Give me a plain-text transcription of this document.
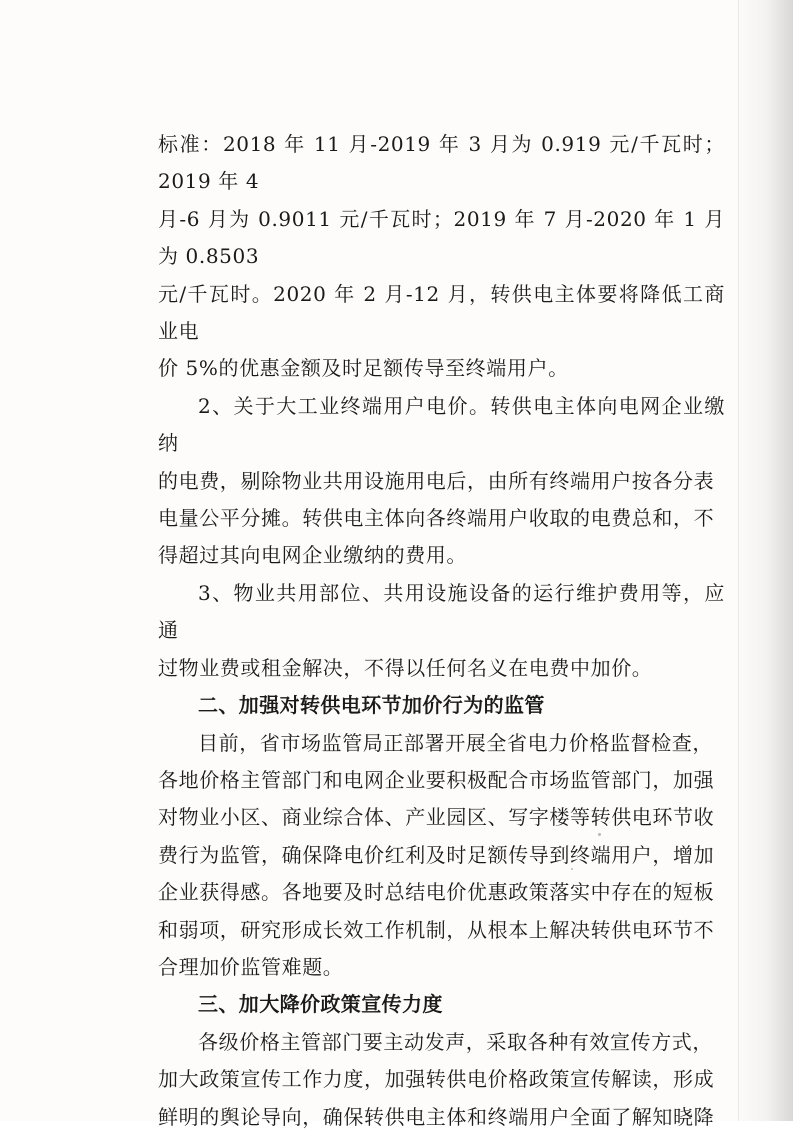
标准：2018 年 11 月-2019 年 3 月为 0.919 元/千瓦时；2019 年 4
月-6 月为 0.9011 元/千瓦时；2019 年 7 月-2020 年 1 月为 0.8503
元/千瓦时。2020 年 2 月-12 月，转供电主体要将降低工商业电
价 5%的优惠金额及时足额传导至终端用户。

2、关于大工业终端用户电价。转供电主体向电网企业缴纳
的电费，剔除物业共用设施用电后，由所有终端用户按各分表
电量公平分摊。转供电主体向各终端用户收取的电费总和，不
得超过其向电网企业缴纳的费用。

3、物业共用部位、共用设施设备的运行维护费用等，应通
过物业费或租金解决，不得以任何名义在电费中加价。

二、加强对转供电环节加价行为的监管

目前，省市场监管局正部署开展全省电力价格监督检查，
各地价格主管部门和电网企业要积极配合市场监管部门，加强
对物业小区、商业综合体、产业园区、写字楼等转供电环节收
费行为监管，确保降电价红利及时足额传导到终端用户，增加
企业获得感。各地要及时总结电价优惠政策落实中存在的短板
和弱项，研究形成长效工作机制，从根本上解决转供电环节不
合理加价监管难题。

三、加大降价政策宣传力度

各级价格主管部门要主动发声，采取各种有效宣传方式，
加大政策宣传工作力度，加强转供电价格政策宣传解读，形成
鲜明的舆论导向，确保转供电主体和终端用户全面了解知晓降
